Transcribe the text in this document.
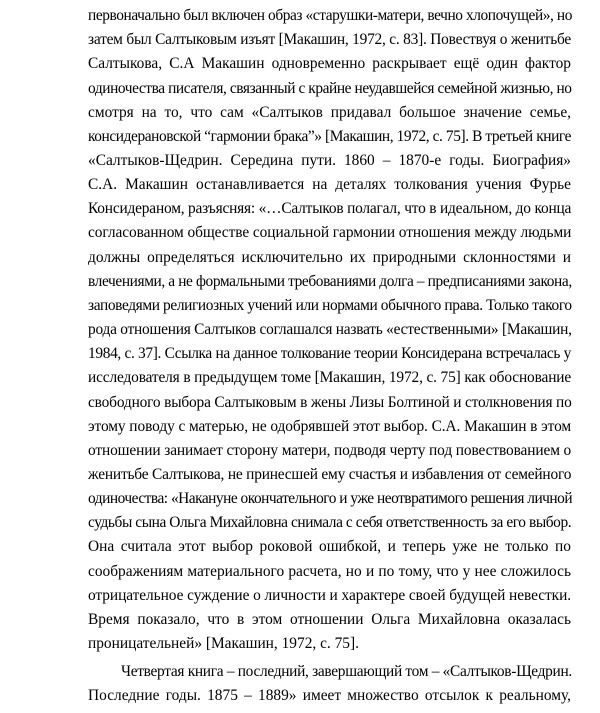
первоначально был включен образ «старушки-матери, вечно хлопочущей», но
затем был Салтыковым изъят [Макашин, 1972, с. 83]. Повествуя о женитьбе
Салтыкова, С.А Макашин одновременно раскрывает ещё один фактор
одиночества писателя, связанный с крайне неудавшейся семейной жизнью, но
смотря на то, что сам «Салтыков придавал большое значение семье,
консидерановской “гармонии брака”» [Макашин, 1972, с. 75]. В третьей книге
«Салтыков-Щедрин. Середина пути. 1860 – 1870-е годы. Биография»
С.А. Макашин останавливается на деталях толкования учения Фурье
Консидераном, разъясняя: «…Салтыков полагал, что в идеальном, до конца
согласованном обществе социальной гармонии отношения между людьми
должны определяться исключительно их природными склонностями и
влечениями, а не формальными требованиями долга – предписаниями закона,
заповедями религиозных учений или нормами обычного права. Только такого
рода отношения Салтыков соглашался назвать «естественными» [Макашин,
1984, с. 37]. Ссылка на данное толкование теории Консидерана встречалась у
исследователя в предыдущем томе [Макашин, 1972, с. 75] как обоснование
свободного выбора Салтыковым в жены Лизы Болтиной и столкновения по
этому поводу с матерью, не одобрявшей этот выбор. С.А. Макашин в этом
отношении занимает сторону матери, подводя черту под повествованием о
женитьбе Салтыкова, не принесшей ему счастья и избавления от семейного
одиночества: «Накануне окончательного и уже неотвратимого решения личной
судьбы сына Ольга Михайловна снимала с себя ответственность за его выбор.
Она считала этот выбор роковой ошибкой, и теперь уже не только по
соображениям материального расчета, но и по тому, что у нее сложилось
отрицательное суждение о личности и характере своей будущей невестки.
Время показало, что в этом отношении Ольга Михайловна оказалась
проницательней» [Макашин, 1972, с. 75].
Четвертая книга – последний, завершающий том – «Салтыков-Щедрин.
Последние годы. 1875 – 1889» имеет множество отсылок к реальному,
